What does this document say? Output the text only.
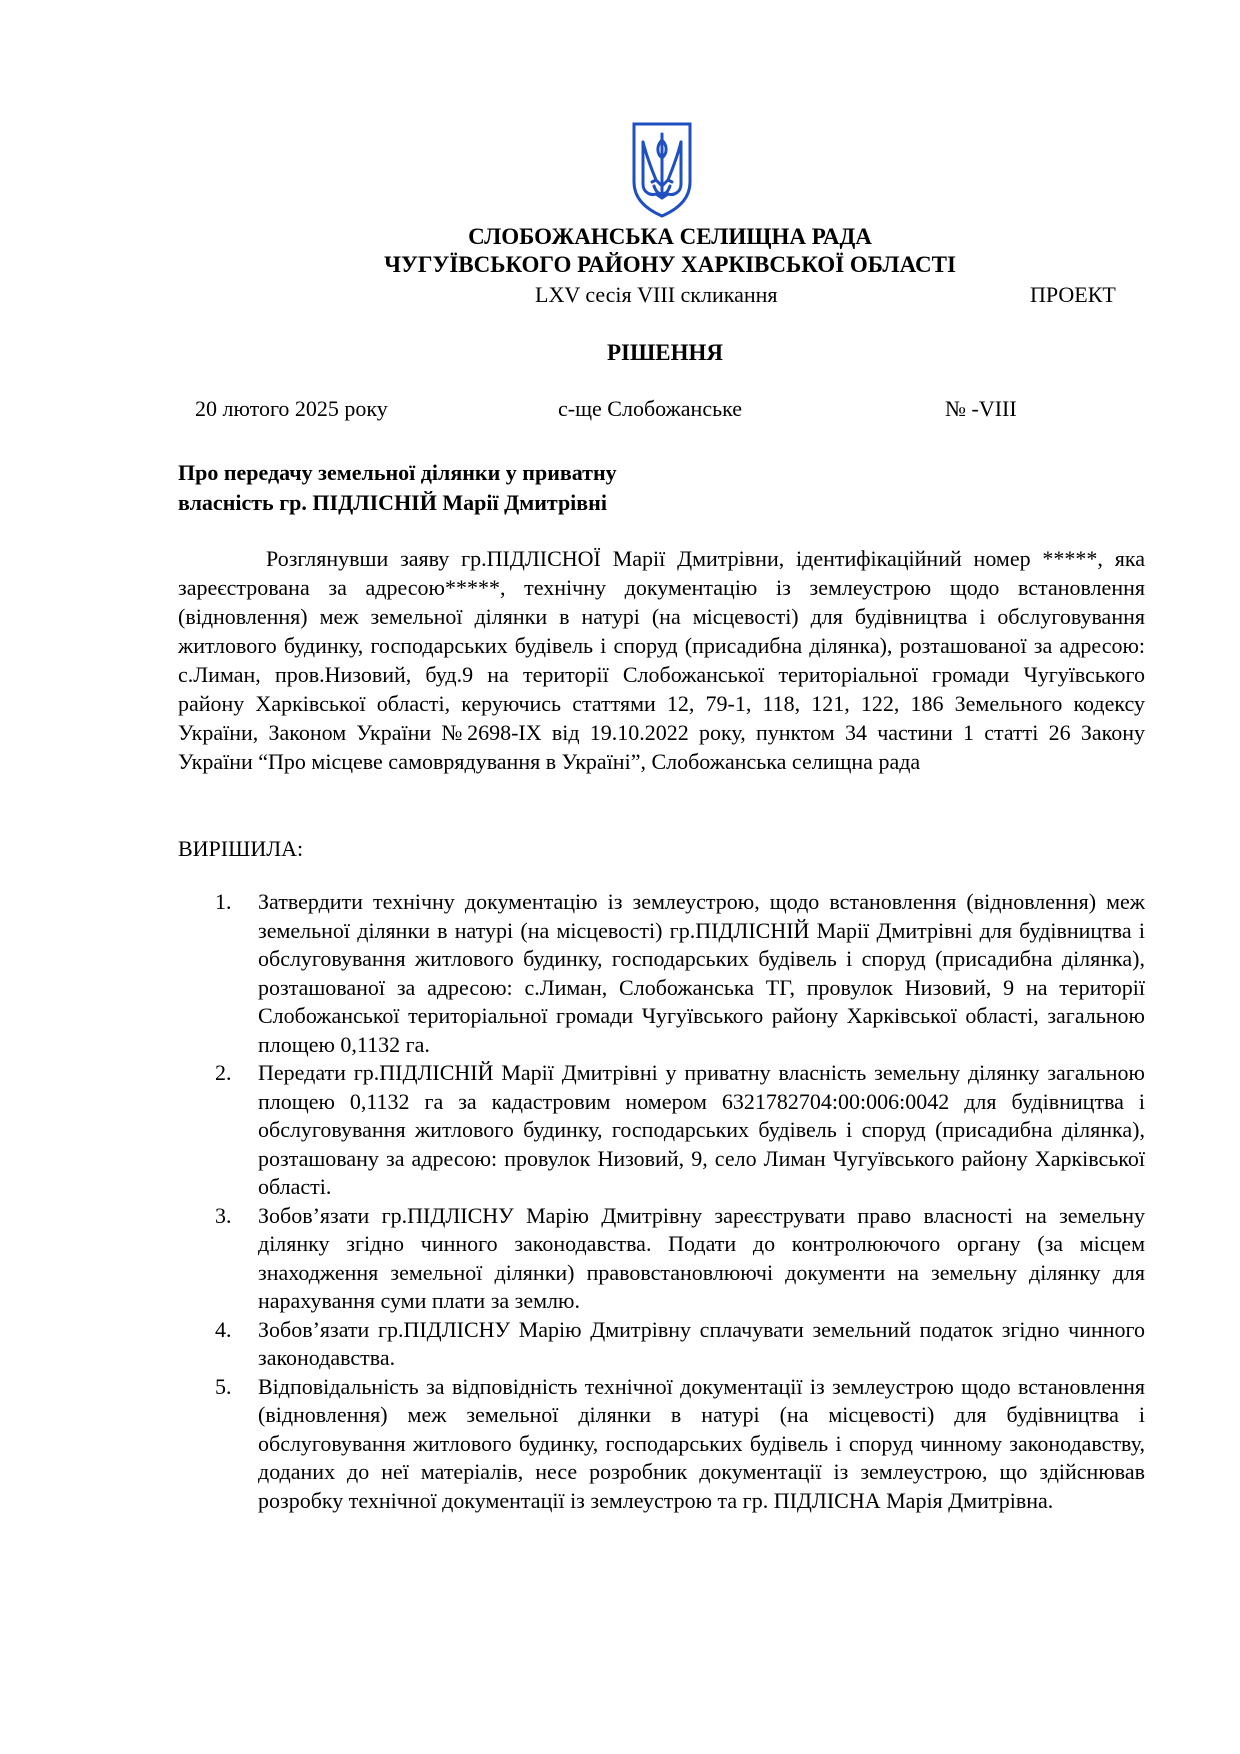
СЛОБОЖАНСЬКА СЕЛИЩНА РАДА
ЧУГУЇВСЬКОГО РАЙОНУ ХАРКІВСЬКОЇ ОБЛАСТІ
LXV сесія VIII скликання	ПРОЕКТ
РІШЕННЯ
20 лютого 2025 року	с-ще Слобожанське	№ -VIII
Про передачу земельної ділянки у приватну
власність гр. ПІДЛІСНІЙ Марії Дмитрівні
Розглянувши заяву гр.ПІДЛІСНОЇ Марії Дмитрівни, ідентифікаційний номер *****, яка зареєстрована за адресою*****, технічну документацію із землеустрою щодо встановлення (відновлення) меж земельної ділянки в натурі (на місцевості) для будівництва і обслуговування житлового будинку, господарських будівель і споруд (присадибна ділянка), розташованої за адресою: с.Лиман, пров.Низовий, буд.9 на території Слобожанської територіальної громади Чугуївського району Харківської області, керуючись статтями 12, 79-1, 118, 121, 122, 186 Земельного кодексу України, Законом України №2698-IX від 19.10.2022 року, пунктом 34 частини 1 статті 26 Закону України “Про місцеве самоврядування в Україні”, Слобожанська селищна рада
ВИРІШИЛА:
1. Затвердити технічну документацію із землеустрою, щодо встановлення (відновлення) меж земельної ділянки в натурі (на місцевості) гр.ПІДЛІСНІЙ Марії Дмитрівні для будівництва і обслуговування житлового будинку, господарських будівель і споруд (присадибна ділянка), розташованої за адресою: с.Лиман, Слобожанська ТГ, провулок Низовий, 9 на території Слобожанської територіальної громади Чугуївського району Харківської області, загальною площею 0,1132 га.
2. Передати гр.ПІДЛІСНІЙ Марії Дмитрівні у приватну власність земельну ділянку загальною площею 0,1132 га за кадастровим номером 6321782704:00:006:0042 для будівництва і обслуговування житлового будинку, господарських будівель і споруд (присадибна ділянка), розташовану за адресою: провулок Низовий, 9, село Лиман Чугуївського району Харківської області.
3. Зобов’язати гр.ПІДЛІСНУ Марію Дмитрівну зареєструвати право власності на земельну ділянку згідно чинного законодавства. Подати до контролюючого органу (за місцем знаходження земельної ділянки) правовстановлюючі документи на земельну ділянку для нарахування суми плати за землю.
4. Зобов’язати гр.ПІДЛІСНУ Марію Дмитрівну сплачувати земельний податок згідно чинного законодавства.
5. Відповідальність за відповідність технічної документації із землеустрою щодо встановлення (відновлення) меж земельної ділянки в натурі (на місцевості) для будівництва і обслуговування житлового будинку, господарських будівель і споруд чинному законодавству, доданих до неї матеріалів, несе розробник документації із землеустрою, що здійснював розробку технічної документації із землеустрою та гр. ПІДЛІСНА Марія Дмитрівна.
